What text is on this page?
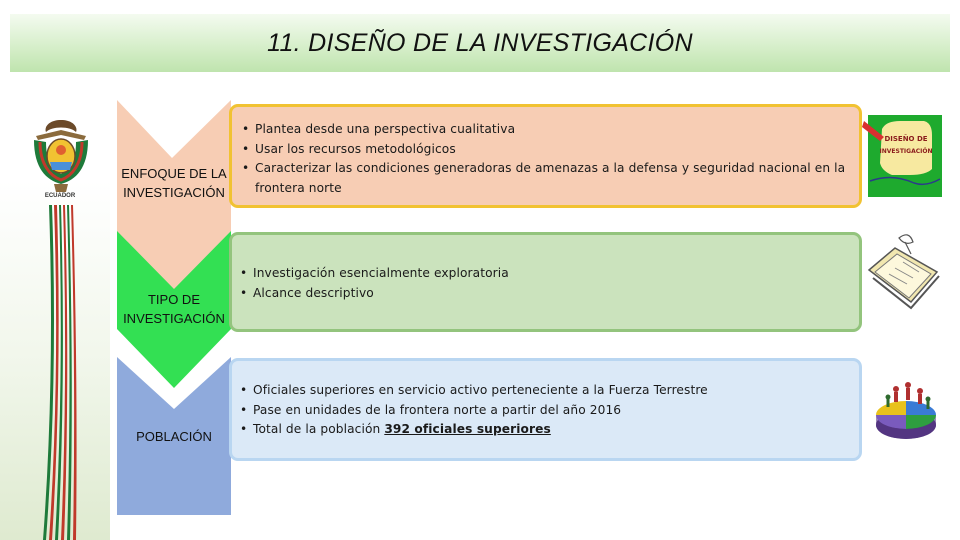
11. DISEÑO DE LA INVESTIGACIÓN
ECUADOR
ENFOQUE DE LA
INVESTIGACIÓN
TIPO DE
INVESTIGACIÓN
POBLACIÓN
• Plantea desde una perspectiva cualitativa
• Usar los recursos metodológicos
• Caracterizar las condiciones generadoras de amenazas a la defensa y seguridad nacional en la frontera norte
• Investigación esencialmente exploratoria
• Alcance descriptivo
• Oficiales superiores en servicio activo perteneciente a la Fuerza Terrestre
• Pase en unidades de la frontera norte a partir del año 2016
• Total de la población 392 oficiales superiores
DISEÑO DE
INVESTIGACIÓN
